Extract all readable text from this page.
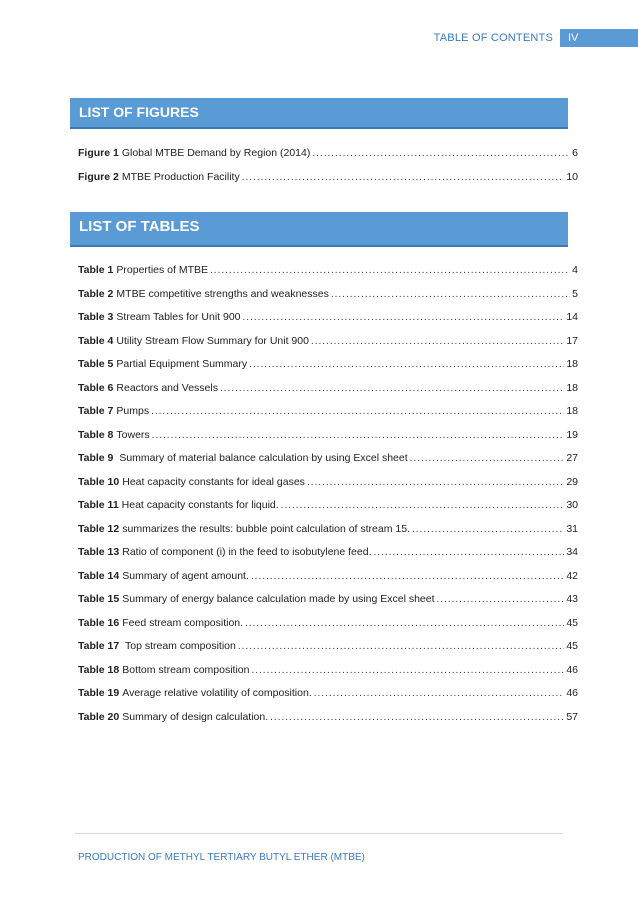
TABLE OF CONTENTS	IV
LIST OF FIGURES
Figure 1 Global MTBE Demand by Region (2014) .....	6
Figure 2 MTBE Production Facility .....	10
LIST OF TABLES
Table 1 Properties of MTBE .....	4
Table 2 MTBE competitive strengths and weaknesses .....	5
Table 3 Stream Tables for Unit 900 .....	14
Table 4 Utility Stream Flow Summary for Unit 900 .....	17
Table 5 Partial Equipment Summary .....	18
Table 6 Reactors and Vessels .....	18
Table 7 Pumps .....	18
Table 8 Towers .....	19
Table 9 Summary of material balance calculation by using Excel sheet .....	27
Table 10 Heat capacity constants for ideal gases .....	29
Table 11 Heat capacity constants for liquid. .....	30
Table 12 summarizes the results: bubble point calculation of stream 15. .....	31
Table 13 Ratio of component (i) in the feed to isobutylene feed. .....	34
Table 14 Summary of agent amount. .....	42
Table 15 Summary of energy balance calculation made by using Excel sheet .....	43
Table 16 Feed stream composition. .....	45
Table 17 Top stream composition .....	45
Table 18 Bottom stream composition .....	46
Table 19 Average relative volatility of composition. .....	46
Table 20 Summary of design calculation. .....	57
PRODUCTION OF METHYL TERTIARY BUTYL ETHER (MTBE)
